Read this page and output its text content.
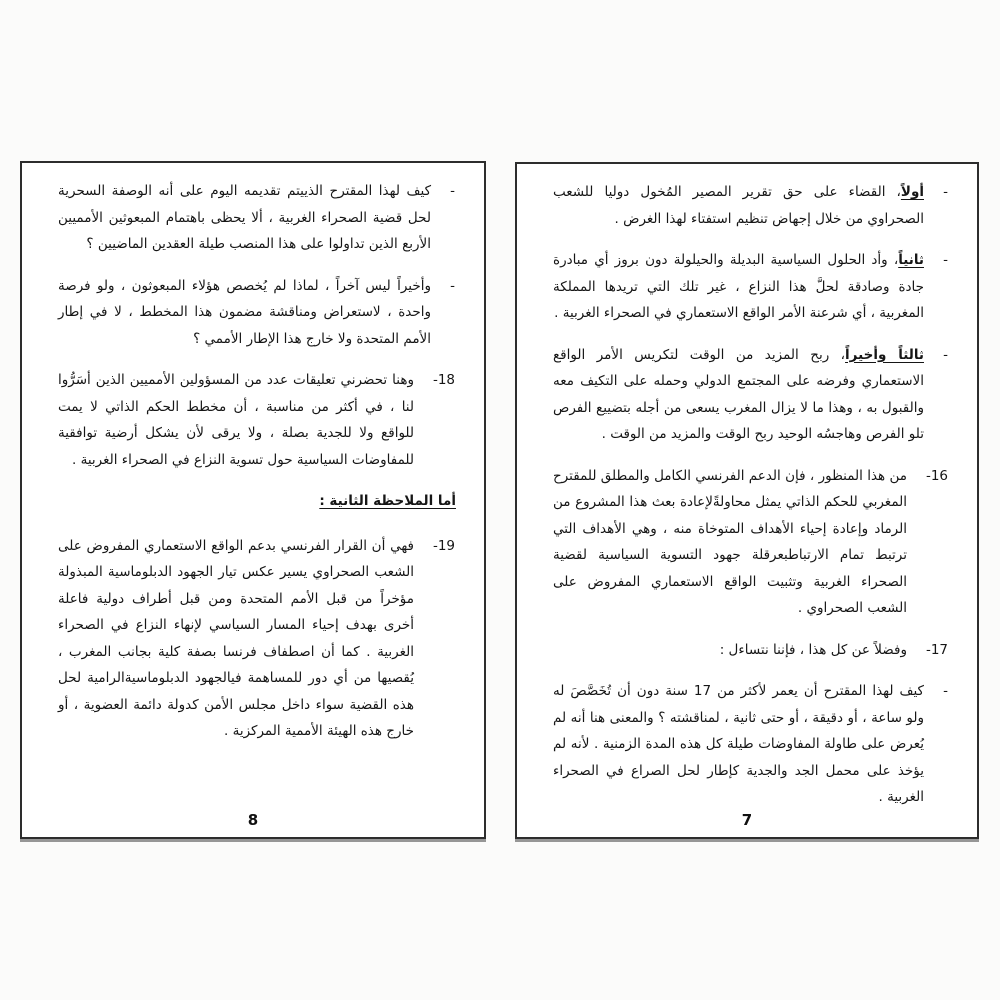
-
كيف لهذا المقترح الذييتم تقديمه اليوم على أنه الوصفة السحرية لحل قضية الصحراء الغربية ، ألا يحظى باهتمام المبعوثين الأمميين الأربع الذين تداولوا على هذا المنصب طيلة العقدين الماضيين ؟
-
وأخيراً ليس آخراً ، لماذا لم يُخصص هؤلاء المبعوثون ، ولو فرصة واحدة ، لاستعراض ومناقشة مضمون هذا المخطط ، لا في إطار الأمم المتحدة ولا خارج هذا الإطار الأممي ؟
18-
وهنا تحضرني تعليقات عدد من المسؤولين الأمميين الذين أسَرُّوا لنا ، في أكثر من مناسبة ، أن مخطط الحكم الذاتي لا يمت للواقع ولا للجدية بصلة ، ولا يرقى لأن يشكل أرضية توافقية للمفاوضات السياسية حول تسوية النزاع في الصحراء الغربية .
أما الملاحظة الثانية :
19-
فهي أن القرار الفرنسي بدعم الواقع الاستعماري المفروض على الشعب الصحراوي يسير عكس تيار الجهود الدبلوماسية المبذولة مؤخراً من قبل الأمم المتحدة ومن قبل أطراف دولية فاعلة أخرى بهدف إحياء المسار السياسي لإنهاء النزاع في الصحراء الغربية . كما أن اصطفاف فرنسا بصفة كلية بجانب المغرب ، يُقصيها من أي دور للمساهمة فيالجهود الدبلوماسيةالرامية لحل هذه القضية سواء داخل مجلس الأمن كدولة دائمة العضوية ، أو خارج هذه الهيئة الأممية المركزية .
8
-
أولاً، القضاء على حق تقرير المصير المُخول دوليا للشعب الصحراوي من خلال إجهاض تنظيم استفتاء لهذا الغرض .
-
ثانياً، وأد الحلول السياسية البديلة والحيلولة دون بروز أي مبادرة جادة وصادقة لحلَّ هذا النزاع ، غير تلك التي تريدها المملكة المغربية ، أي شرعنة الأمر الواقع الاستعماري في الصحراء الغربية .
-
ثالثاً وأخيراً، ربح المزيد من الوقت لتكريس الأمر الواقع الاستعماري وفرضه على المجتمع الدولي وحمله على التكيف معه والقبول به ، وهذا ما لا يزال المغرب يسعى من أجله بتضييع الفرص تلو الفرص وهاجسُه الوحيد ربح الوقت والمزيد من الوقت .
16-
من هذا المنظور ، فإن الدعم الفرنسي الكامل والمطلق للمقترح المغربي للحكم الذاتي يمثل محاولةًلإعادة بعث هذا المشروع من الرماد وإعادة إحياء الأهداف المتوخاة منه ، وهي الأهداف التي ترتبط تمام الارتباطبعرقلة جهود التسوية السياسية لقضية الصحراء الغربية وتثبيت الواقع الاستعماري المفروض على الشعب الصحراوي .
17-
وفضلاً عن كل هذا ، فإننا نتساءل :
-
كيف لهذا المقترح أن يعمر لأكثر من 17 سنة دون أن تُخَصَّصَ له ولو ساعة ، أو دقيقة ، أو حتى ثانية ، لمناقشته ؟ والمعنى هنا أنه لم يُعرض على طاولة المفاوضات طيلة كل هذه المدة الزمنية . لأنه لم يؤخذ على محمل الجد والجدية كإطار لحل الصراع في الصحراء الغربية .
7
